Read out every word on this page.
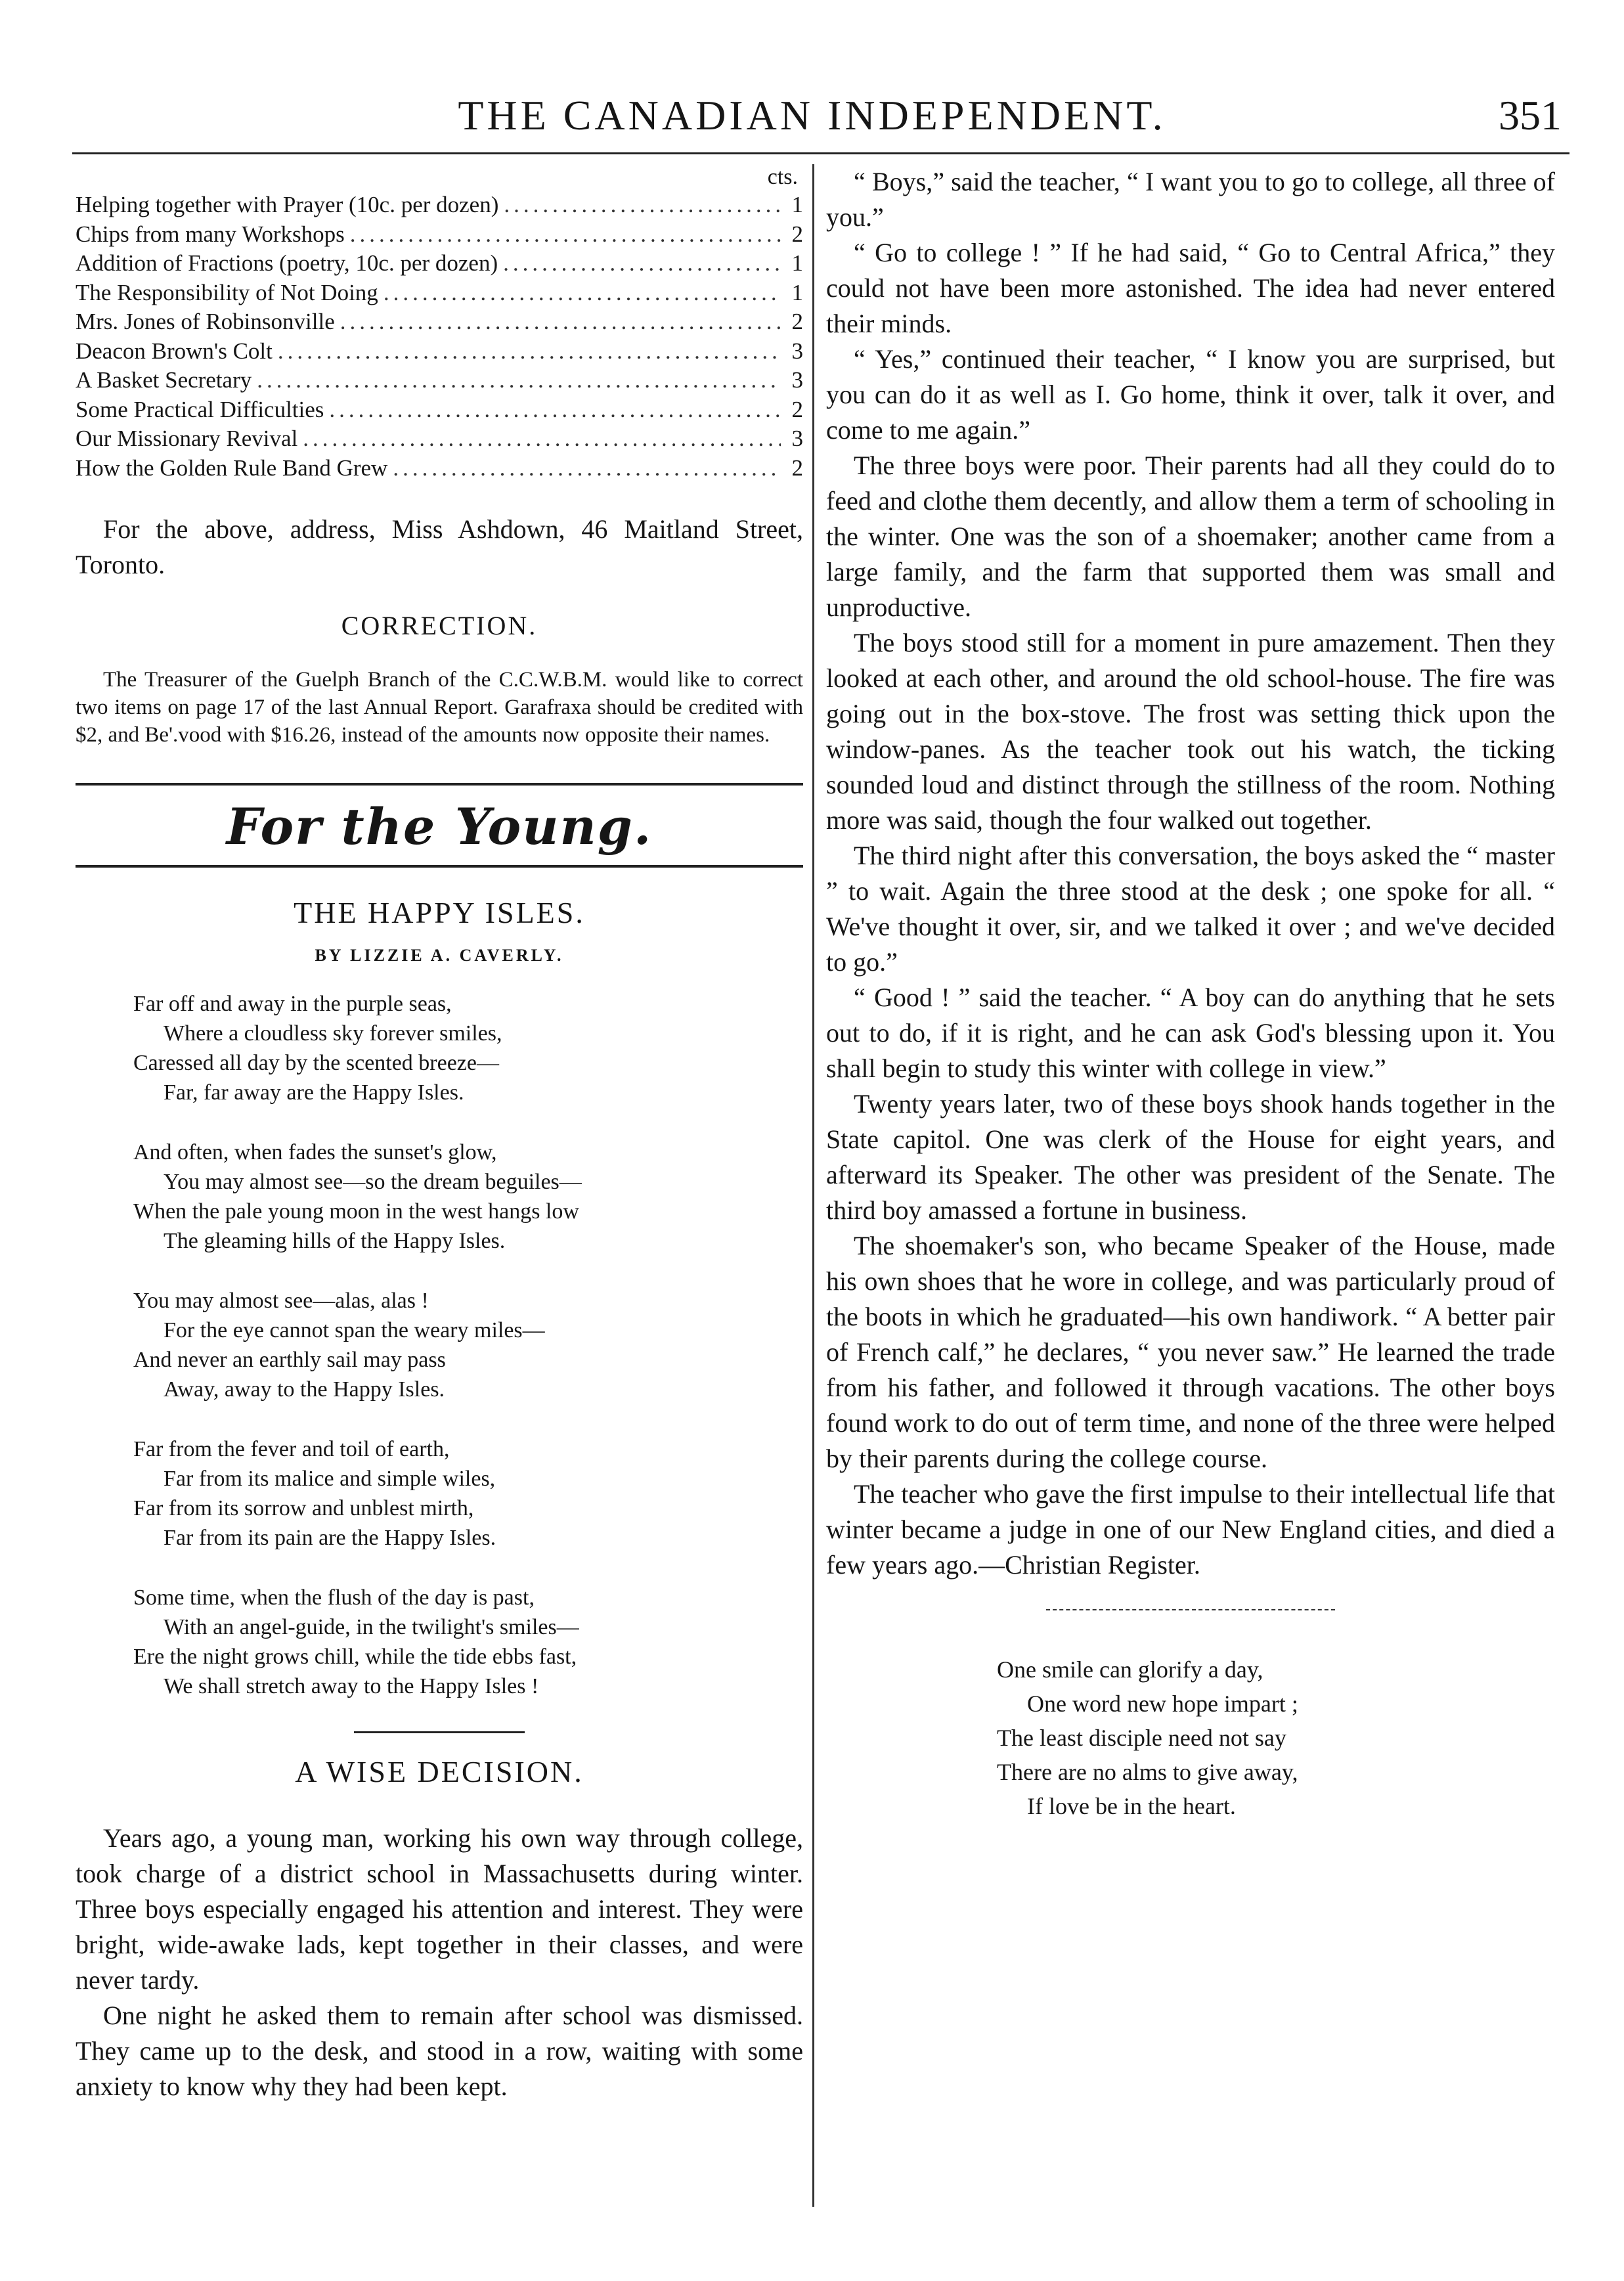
THE CANADIAN INDEPENDENT.	351
cts.
Helping together with Prayer (10c. per dozen) .....	1
Chips from many Workshops .....	2
Addition of Fractions (poetry, 10c. per dozen) .....	1
The Responsibility of Not Doing .....	1
Mrs. Jones of Robinsonville .....	2
Deacon Brown's Colt .....	3
A Basket Secretary .....	3
Some Practical Difficulties .....	2
Our Missionary Revival .....	3
How the Golden Rule Band Grew .....	2

For the above, address, Miss Ashdown, 46 Maitland Street, Toronto.

CORRECTION.

The Treasurer of the Guelph Branch of the C.C.W.B.M. would like to correct two items on page 17 of the last Annual Report. Garafraxa should be credited with $2, and Be'.vood with $16.26, instead of the amounts now opposite their names.

For the Young.
THE HAPPY ISLES.
BY LIZZIE A. CAVERLY.
Far off and away in the purple seas,
Where a cloudless sky forever smiles,
Caressed all day by the scented breeze—
Far, far away are the Happy Isles.
And often, when fades the sunset's glow,
You may almost see—so the dream beguiles—
When the pale young moon in the west hangs low
The gleaming hills of the Happy Isles.
You may almost see—alas, alas !
For the eye cannot span the weary miles—
And never an earthly sail may pass
Away, away to the Happy Isles.
Far from the fever and toil of earth,
Far from its malice and simple wiles,
Far from its sorrow and unblest mirth,
Far from its pain are the Happy Isles.
Some time, when the flush of the day is past,
With an angel-guide, in the twilight's smiles—
Ere the night grows chill, while the tide ebbs fast,
We shall stretch away to the Happy Isles !
A WISE DECISION.

Years ago, a young man, working his own way through college, took charge of a district school in Massachusetts during winter. Three boys especially engaged his attention and interest. They were bright, wide-awake lads, kept together in their classes, and were never tardy.

One night he asked them to remain after school was dismissed. They came up to the desk, and stood in a row, waiting with some anxiety to know why they had been kept.

“ Boys,” said the teacher, “ I want you to go to college, all three of you.”

“ Go to college ! ” If he had said, “ Go to Central Africa,” they could not have been more astonished. The idea had never entered their minds.

“ Yes,” continued their teacher, “ I know you are surprised, but you can do it as well as I. Go home, think it over, talk it over, and come to me again.”

The three boys were poor. Their parents had all they could do to feed and clothe them decently, and allow them a term of schooling in the winter. One was the son of a shoemaker; another came from a large family, and the farm that supported them was small and unproductive.

The boys stood still for a moment in pure amazement. Then they looked at each other, and around the old school-house. The fire was going out in the box-stove. The frost was setting thick upon the window-panes. As the teacher took out his watch, the ticking sounded loud and distinct through the stillness of the room. Nothing more was said, though the four walked out together.

The third night after this conversation, the boys asked the “ master ” to wait. Again the three stood at the desk ; one spoke for all. “ We've thought it over, sir, and we talked it over ; and we've decided to go.”

“ Good ! ” said the teacher. “ A boy can do anything that he sets out to do, if it is right, and he can ask God's blessing upon it. You shall begin to study this winter with college in view.”

Twenty years later, two of these boys shook hands together in the State capitol. One was clerk of the House for eight years, and afterward its Speaker. The other was president of the Senate. The third boy amassed a fortune in business.

The shoemaker's son, who became Speaker of the House, made his own shoes that he wore in college, and was particularly proud of the boots in which he graduated—his own handiwork. “ A better pair of French calf,” he declares, “ you never saw.” He learned the trade from his father, and followed it through vacations. The other boys found work to do out of term time, and none of the three were helped by their parents during the college course.

The teacher who gave the first impulse to their intellectual life that winter became a judge in one of our New England cities, and died a few years ago.—Christian Register.

One smile can glorify a day,
One word new hope impart ;
The least disciple need not say
There are no alms to give away,
If love be in the heart.
